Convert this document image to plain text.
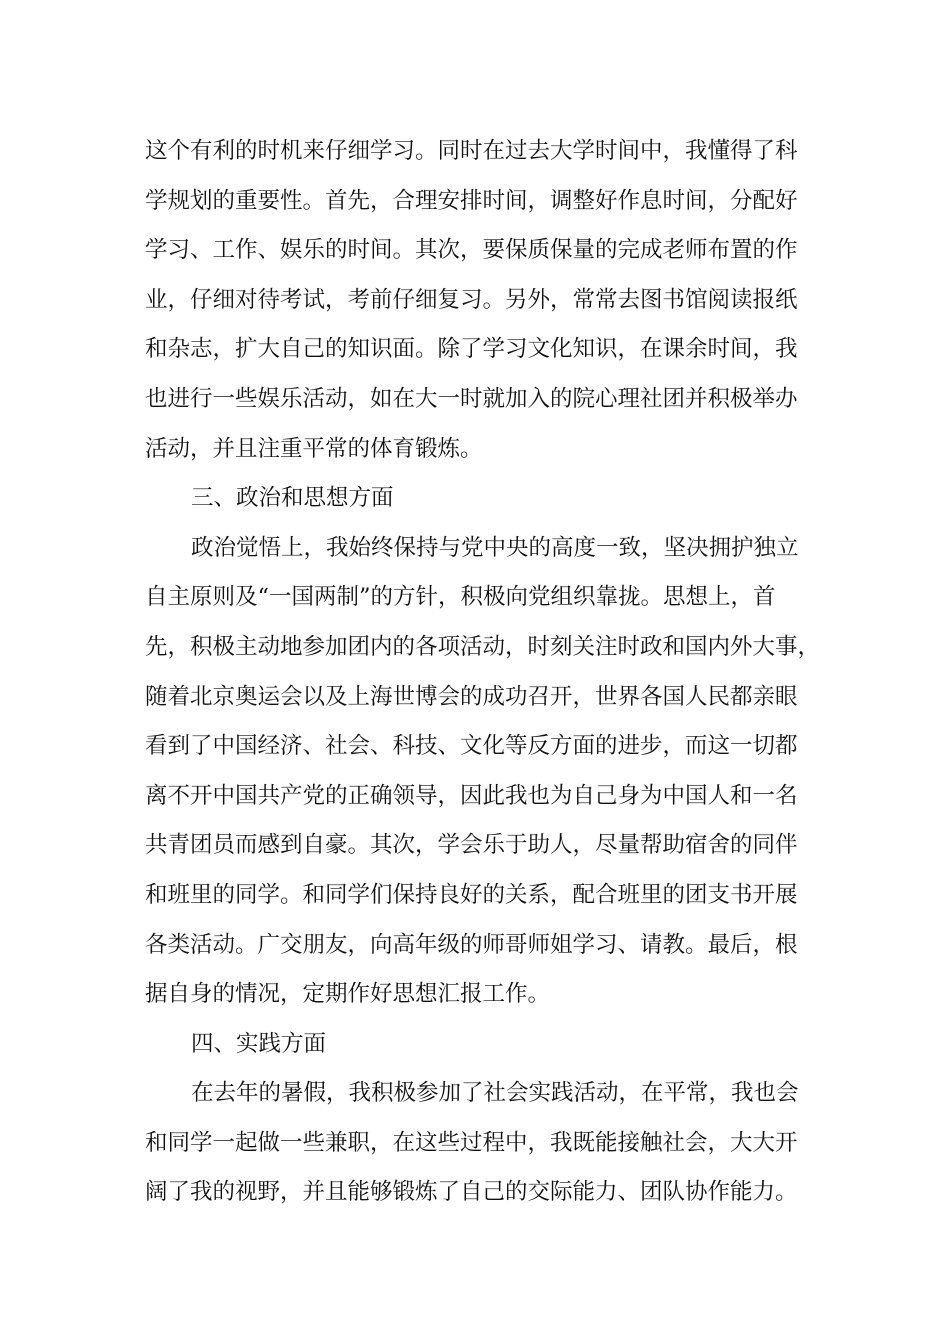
这个有利的时机来仔细学习。同时在过去大学时间中，我懂得了科
学规划的重要性。首先，合理安排时间，调整好作息时间，分配好
学习、工作、娱乐的时间。其次，要保质保量的完成老师布置的作
业，仔细对待考试，考前仔细复习。另外，常常去图书馆阅读报纸
和杂志，扩大自己的知识面。除了学习文化知识，在课余时间，我
也进行一些娱乐活动，如在大一时就加入的院心理社团并积极举办
活动，并且注重平常的体育锻炼。
三、政治和思想方面
政治觉悟上，我始终保持与党中央的高度一致，坚决拥护独立
自主原则及“一国两制”的方针，积极向党组织靠拢。思想上，首
先，积极主动地参加团内的各项活动，时刻关注时政和国内外大事，
随着北京奥运会以及上海世博会的成功召开，世界各国人民都亲眼
看到了中国经济、社会、科技、文化等反方面的进步，而这一切都
离不开中国共产党的正确领导，因此我也为自己身为中国人和一名
共青团员而感到自豪。其次，学会乐于助人，尽量帮助宿舍的同伴
和班里的同学。和同学们保持良好的关系，配合班里的团支书开展
各类活动。广交朋友，向高年级的师哥师姐学习、请教。最后，根
据自身的情况，定期作好思想汇报工作。
四、实践方面
在去年的暑假，我积极参加了社会实践活动，在平常，我也会
和同学一起做一些兼职，在这些过程中，我既能接触社会，大大开
阔了我的视野，并且能够锻炼了自己的交际能力、团队协作能力。
